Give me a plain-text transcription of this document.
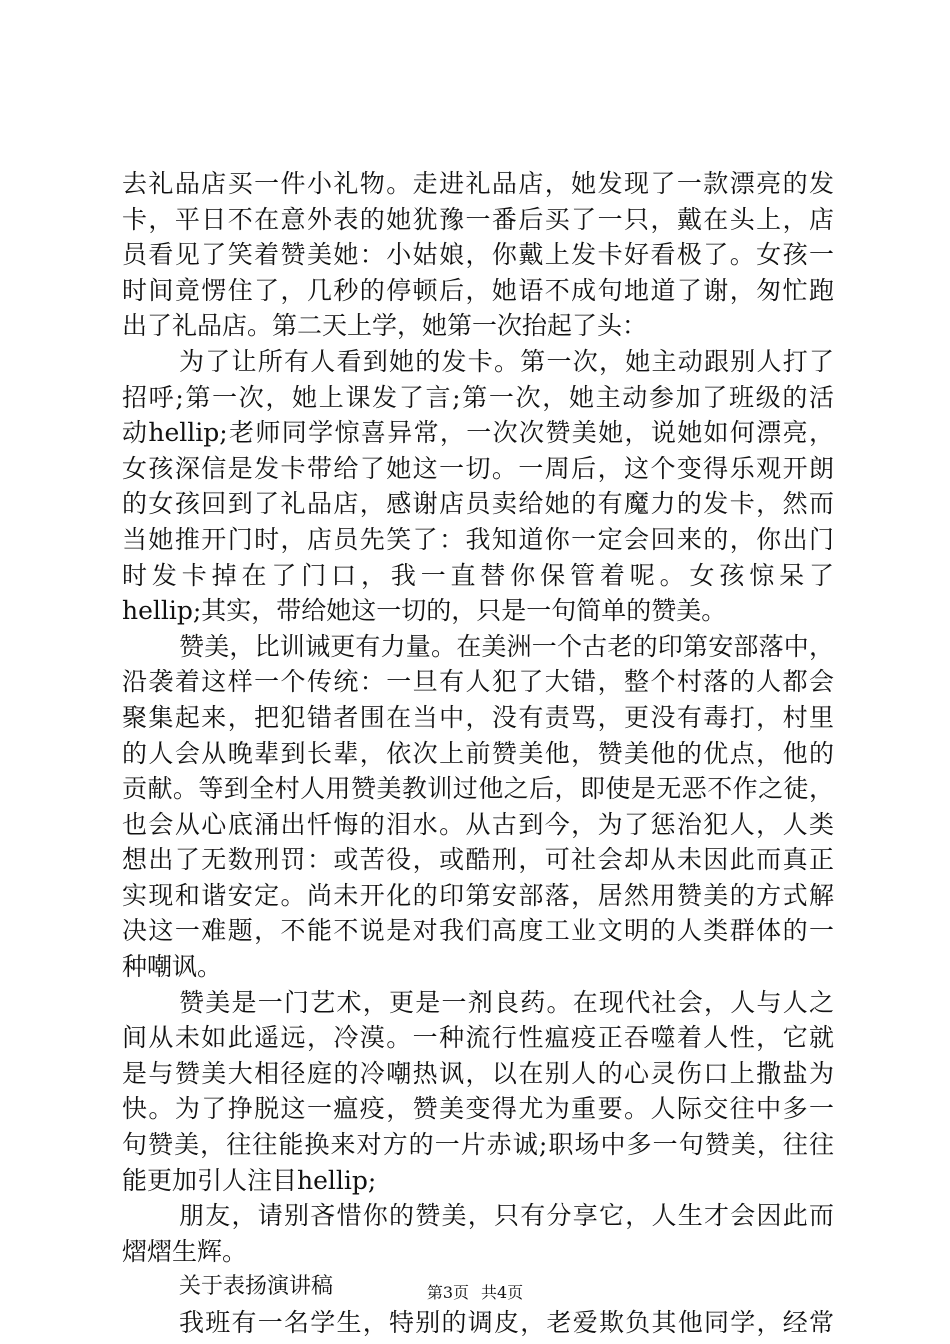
去礼品店买一件小礼物。走进礼品店，她发现了一款漂亮的发
卡，平日不在意外表的她犹豫一番后买了一只，戴在头上，店
员看见了笑着赞美她：小姑娘，你戴上发卡好看极了。女孩一
时间竟愣住了，几秒的停顿后，她语不成句地道了谢，匆忙跑
出了礼品店。第二天上学，她第一次抬起了头：
为了让所有人看到她的发卡。第一次，她主动跟别人打了
招呼;第一次，她上课发了言;第一次，她主动参加了班级的活
动hellip;老师同学惊喜异常，一次次赞美她，说她如何漂亮，
女孩深信是发卡带给了她这一切。一周后，这个变得乐观开朗
的女孩回到了礼品店，感谢店员卖给她的有魔力的发卡，然而
当她推开门时，店员先笑了：我知道你一定会回来的，你出门
时发卡掉在了门口，我一直替你保管着呢。女孩惊呆了
hellip;其实，带给她这一切的，只是一句简单的赞美。
赞美，比训诫更有力量。在美洲一个古老的印第安部落中，
沿袭着这样一个传统：一旦有人犯了大错，整个村落的人都会
聚集起来，把犯错者围在当中，没有责骂，更没有毒打，村里
的人会从晚辈到长辈，依次上前赞美他，赞美他的优点，他的
贡献。等到全村人用赞美教训过他之后，即使是无恶不作之徒，
也会从心底涌出忏悔的泪水。从古到今，为了惩治犯人，人类
想出了无数刑罚：或苦役，或酷刑，可社会却从未因此而真正
实现和谐安定。尚未开化的印第安部落，居然用赞美的方式解
决这一难题，不能不说是对我们高度工业文明的人类群体的一
种嘲讽。
赞美是一门艺术，更是一剂良药。在现代社会，人与人之
间从未如此遥远，冷漠。一种流行性瘟疫正吞噬着人性，它就
是与赞美大相径庭的冷嘲热讽，以在别人的心灵伤口上撒盐为
快。为了挣脱这一瘟疫，赞美变得尤为重要。人际交往中多一
句赞美，往往能换来对方的一片赤诚;职场中多一句赞美，往往
能更加引人注目hellip;
朋友，请别吝惜你的赞美，只有分享它，人生才会因此而
熠熠生辉。
关于表扬演讲稿
我班有一名学生，特别的调皮，老爱欺负其他同学，经常
第3页 共4页
